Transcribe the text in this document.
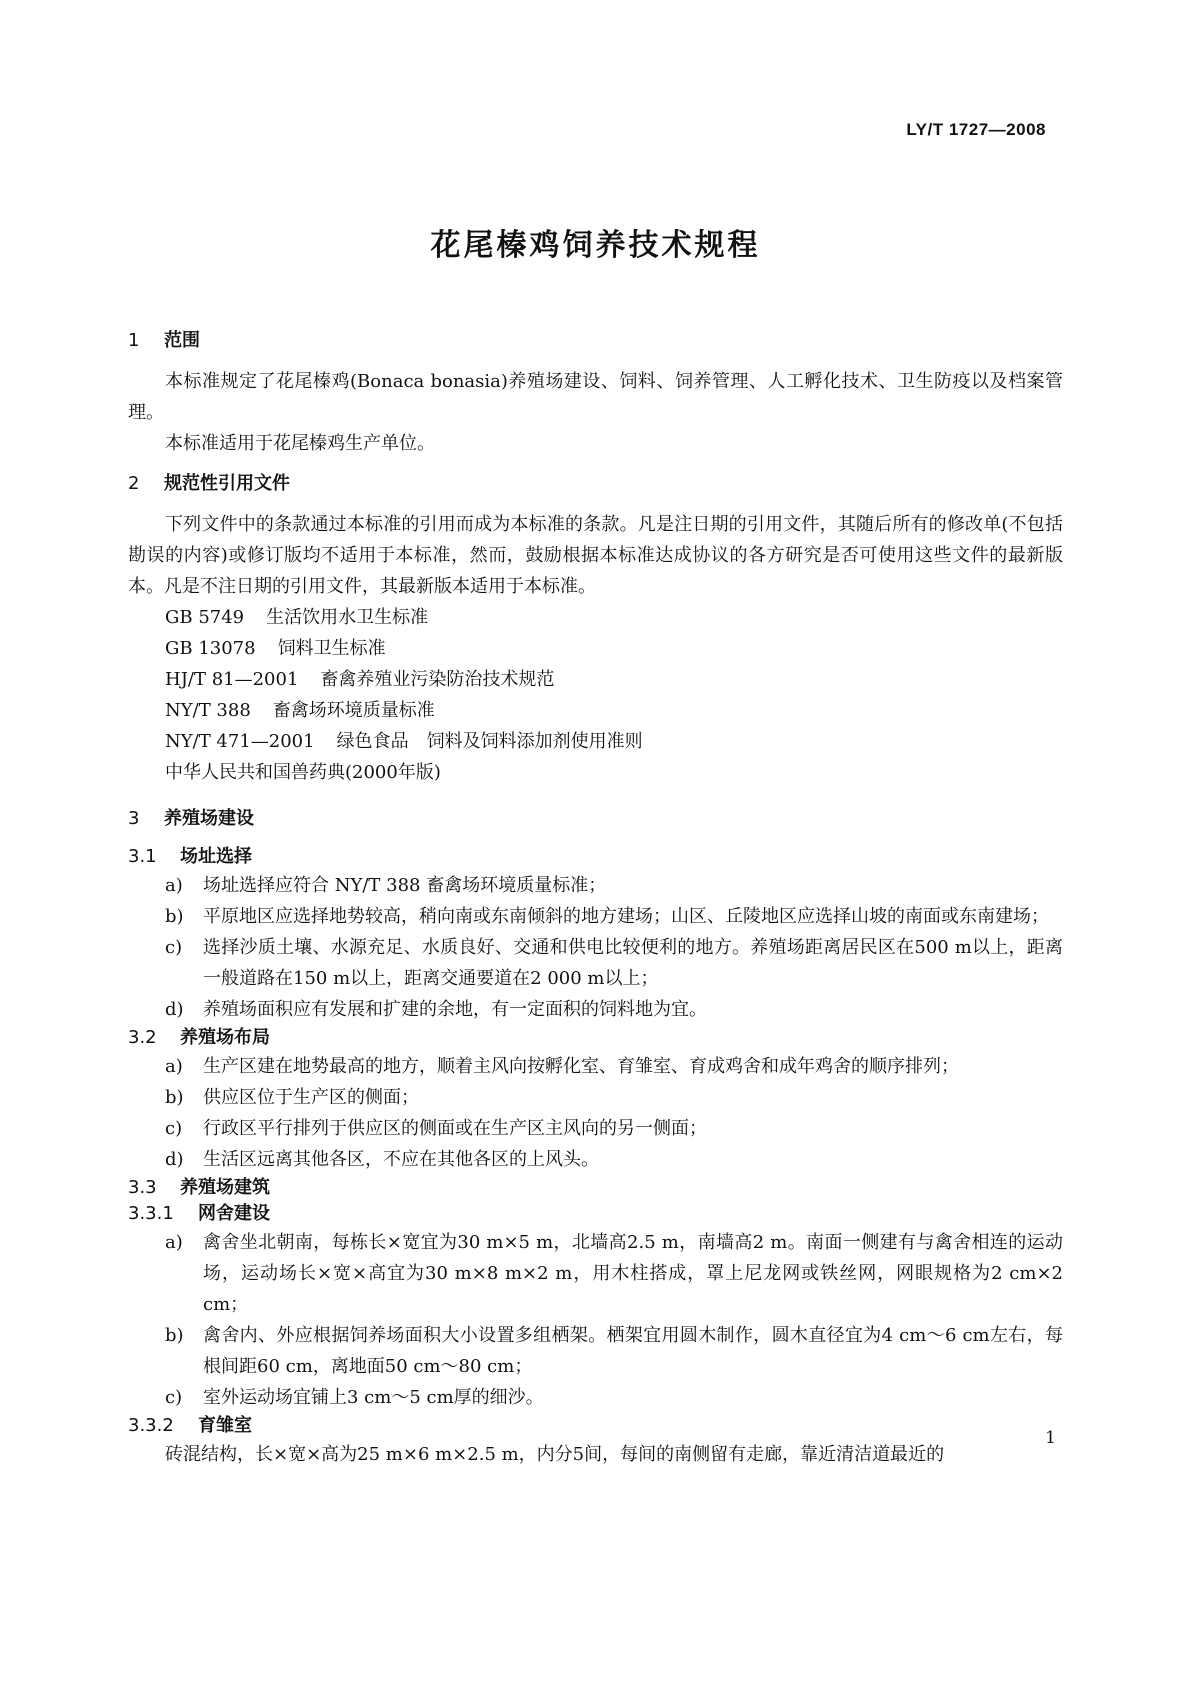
LY/T 1727—2008
花尾榛鸡饲养技术规程
1 范围
本标准规定了花尾榛鸡(Bonaca bonasia)养殖场建设、饲料、饲养管理、人工孵化技术、卫生防疫以及档案管理。
本标准适用于花尾榛鸡生产单位。
2 规范性引用文件
下列文件中的条款通过本标准的引用而成为本标准的条款。凡是注日期的引用文件，其随后所有的修改单(不包括勘误的内容)或修订版均不适用于本标准，然而，鼓励根据本标准达成协议的各方研究是否可使用这些文件的最新版本。凡是不注日期的引用文件，其最新版本适用于本标准。
GB 5749 生活饮用水卫生标准
GB 13078 饲料卫生标准
HJ/T 81—2001 畜禽养殖业污染防治技术规范
NY/T 388 畜禽场环境质量标准
NY/T 471—2001 绿色食品　饲料及饲料添加剂使用准则
中华人民共和国兽药典(2000年版)
3 养殖场建设
3.1 场址选择
a) 场址选择应符合 NY/T 388 畜禽场环境质量标准；
b) 平原地区应选择地势较高，稍向南或东南倾斜的地方建场；山区、丘陵地区应选择山坡的南面或东南建场；
c) 选择沙质土壤、水源充足、水质良好、交通和供电比较便利的地方。养殖场距离居民区在500 m以上，距离一般道路在150 m以上，距离交通要道在2 000 m以上；
d) 养殖场面积应有发展和扩建的余地，有一定面积的饲料地为宜。
3.2 养殖场布局
a) 生产区建在地势最高的地方，顺着主风向按孵化室、育雏室、育成鸡舍和成年鸡舍的顺序排列；
b) 供应区位于生产区的侧面；
c) 行政区平行排列于供应区的侧面或在生产区主风向的另一侧面；
d) 生活区远离其他各区，不应在其他各区的上风头。
3.3 养殖场建筑
3.3.1 网舍建设
a) 禽舍坐北朝南，每栋长×宽宜为30 m×5 m，北墙高2.5 m，南墙高2 m。南面一侧建有与禽舍相连的运动场，运动场长×宽×高宜为30 m×8 m×2 m，用木柱搭成，罩上尼龙网或铁丝网，网眼规格为2 cm×2 cm；
b) 禽舍内、外应根据饲养场面积大小设置多组栖架。栖架宜用圆木制作，圆木直径宜为4 cm～6 cm左右，每根间距60 cm，离地面50 cm～80 cm；
c) 室外运动场宜铺上3 cm～5 cm厚的细沙。
3.3.2 育雏室
砖混结构，长×宽×高为25 m×6 m×2.5 m，内分5间，每间的南侧留有走廊，靠近清洁道最近的
1
